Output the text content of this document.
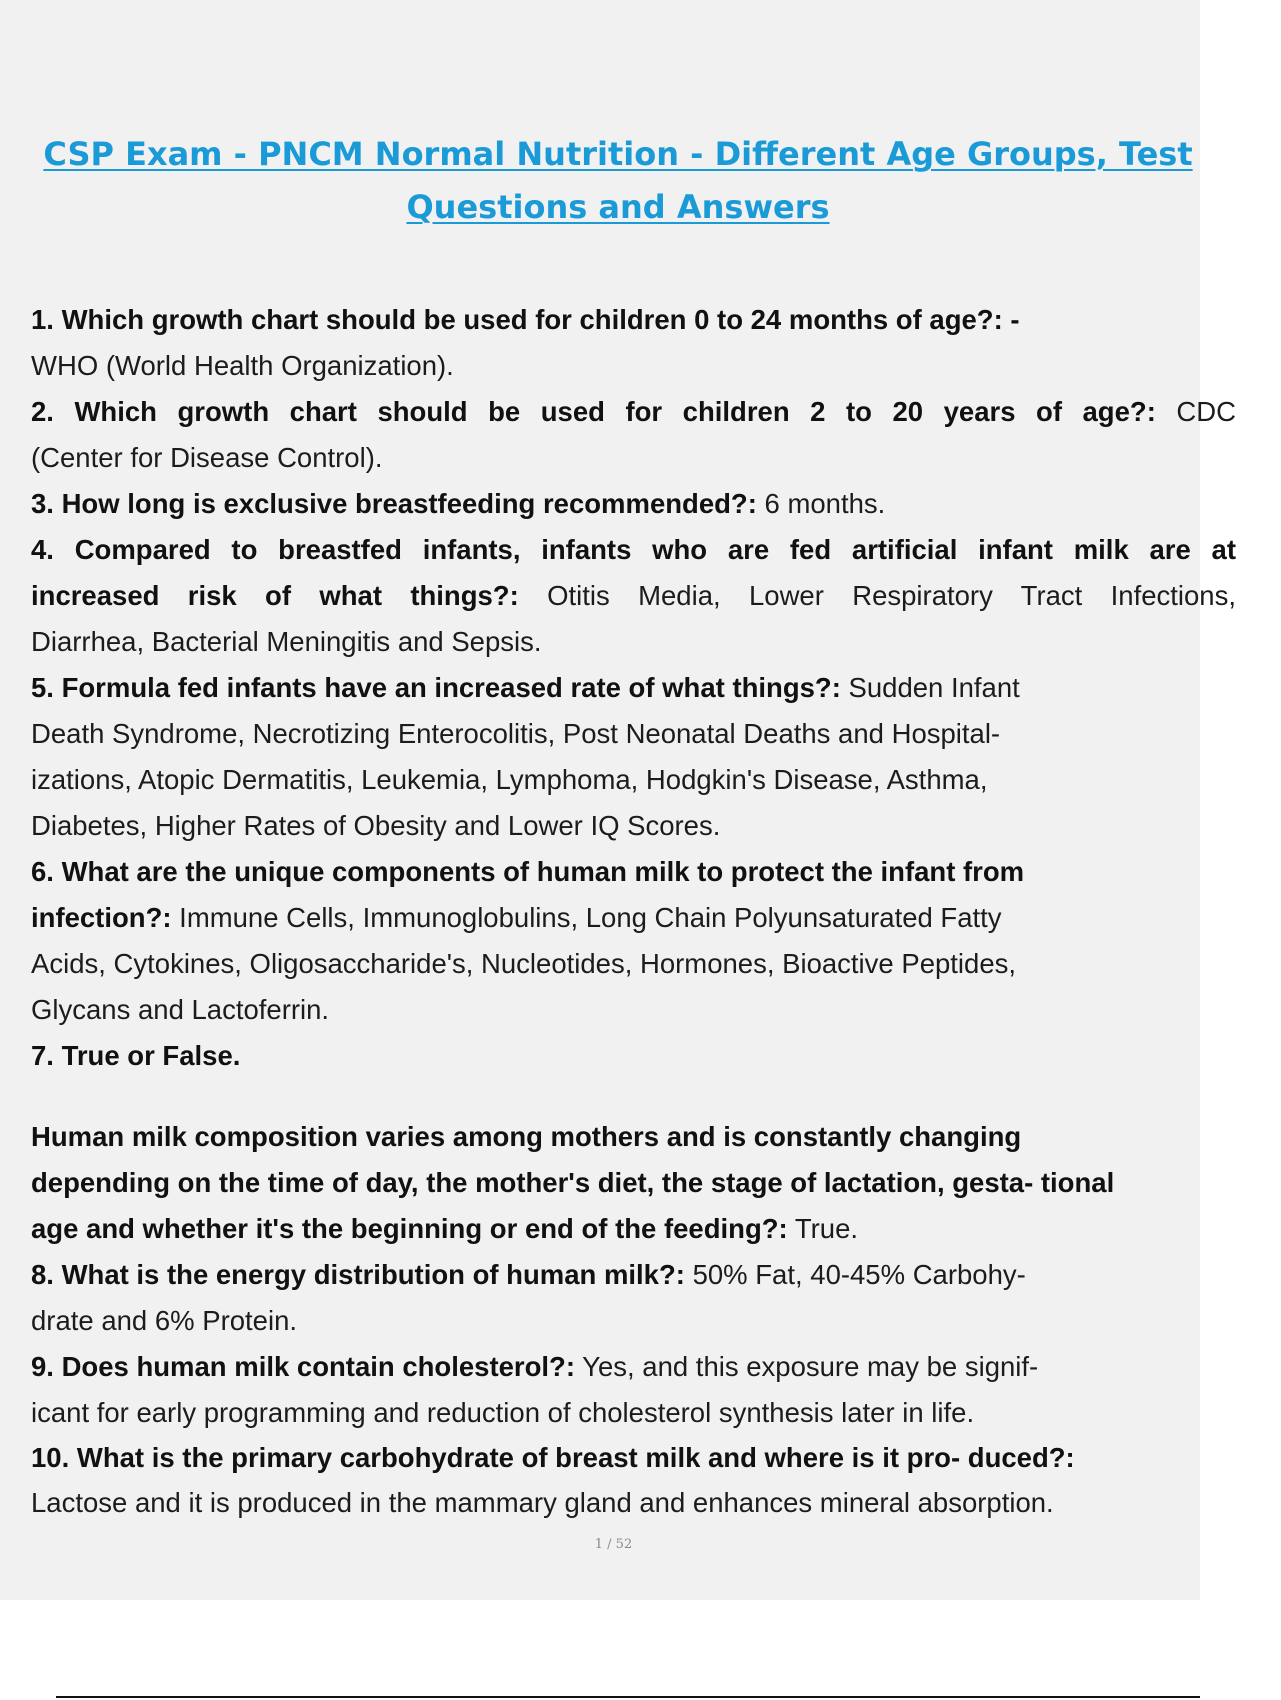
CSP Exam - PNCM Normal Nutrition - Different Age Groups, Test
Questions and Answers
1. Which growth chart should be used for children 0 to 24 months of age?: -
WHO (World Health Organization).
2. Which growth chart should be used for children 2 to 20 years of age?: CDC
(Center for Disease Control).
3. How long is exclusive breastfeeding recommended?: 6 months.
4. Compared to breastfed infants, infants who are fed artificial infant milk are at
increased risk of what things?: Otitis Media, Lower Respiratory Tract Infections,
Diarrhea, Bacterial Meningitis and Sepsis.
5. Formula fed infants have an increased rate of what things?: Sudden Infant
Death Syndrome, Necrotizing Enterocolitis, Post Neonatal Deaths and Hospital-
izations, Atopic Dermatitis, Leukemia, Lymphoma, Hodgkin's Disease, Asthma,
Diabetes, Higher Rates of Obesity and Lower IQ Scores.
6. What are the unique components of human milk to protect the infant from
infection?: Immune Cells, Immunoglobulins, Long Chain Polyunsaturated Fatty
Acids, Cytokines, Oligosaccharide's, Nucleotides, Hormones, Bioactive Peptides,
Glycans and Lactoferrin.
7. True or False.
Human milk composition varies among mothers and is constantly changing
depending on the time of day, the mother's diet, the stage of lactation, gesta- tional
age and whether it's the beginning or end of the feeding?: True.
8. What is the energy distribution of human milk?: 50% Fat, 40-45% Carbohy-
drate and 6% Protein.
9. Does human milk contain cholesterol?: Yes, and this exposure may be signif-
icant for early programming and reduction of cholesterol synthesis later in life.
10. What is the primary carbohydrate of breast milk and where is it pro- duced?:
Lactose and it is produced in the mammary gland and enhances mineral absorption.
1 / 52
